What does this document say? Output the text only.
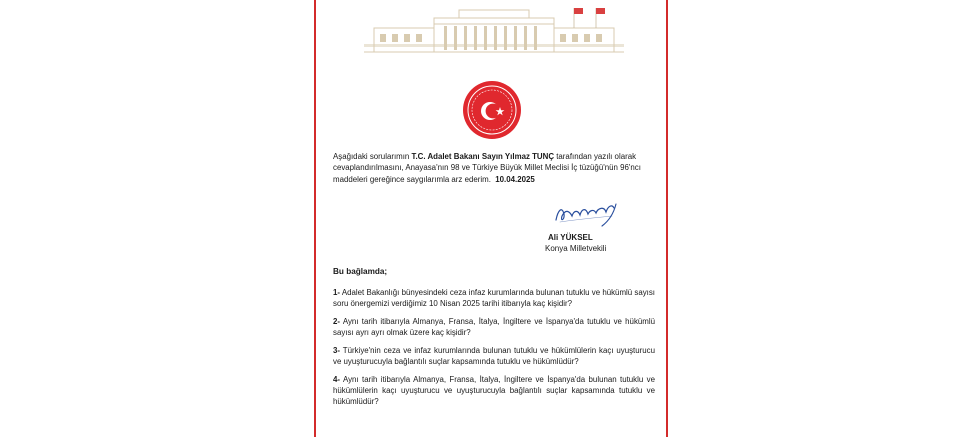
Aşağıdaki sorularımın T.C. Adalet Bakanı Sayın Yılmaz TUNÇ tarafından yazılı olarak cevaplandırılmasını, Anayasa'nın 98 ve Türkiye Büyük Millet Meclisi İç tüzüğü'nün 96'ncı maddeleri gereğince saygılarımla arz ederim. 10.04.2025
Ali YÜKSEL
Konya Milletvekili
Bu bağlamda;

1- Adalet Bakanlığı bünyesindeki ceza infaz kurumlarında bulunan tutuklu ve hükümlü sayısı soru önergemizi verdiğimiz 10 Nisan 2025 tarihi itibarıyla kaç kişidir?

2- Aynı tarih itibarıyla Almanya, Fransa, İtalya, İngiltere ve İspanya'da tutuklu ve hükümlü sayısı ayrı ayrı olmak üzere kaç kişidir?

3- Türkiye'nin ceza ve infaz kurumlarında bulunan tutuklu ve hükümlülerin kaçı uyuşturucu ve uyuşturucuyla bağlantılı suçlar kapsamında tutuklu ve hükümlüdür?

4- Aynı tarih itibarıyla Almanya, Fransa, İtalya, İngiltere ve İspanya'da bulunan tutuklu ve hükümlülerin kaçı uyuşturucu ve uyuşturucuyla bağlantılı suçlar kapsamında tutuklu ve hükümlüdür?
